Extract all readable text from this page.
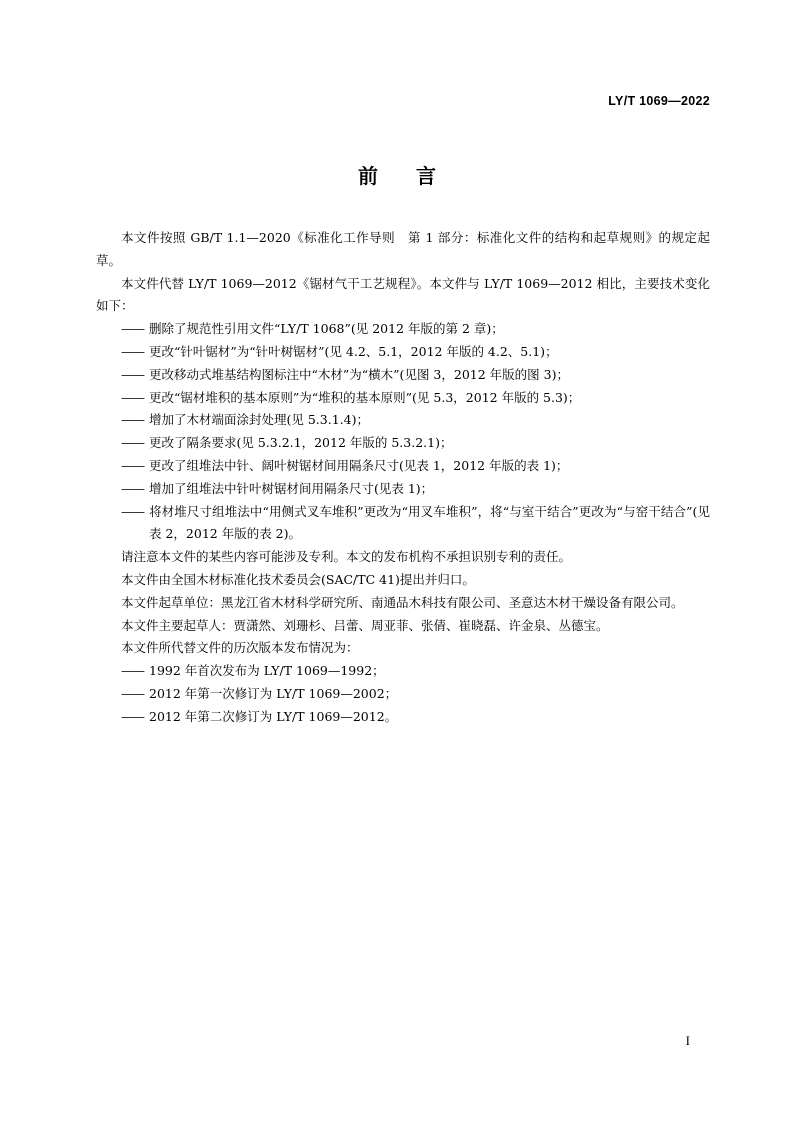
LY/T 1069—2022
前言

本文件按照 GB/T 1.1—2020《标准化工作导则　第 1 部分：标准化文件的结构和起草规则》的规定起草。

本文件代替 LY/T 1069—2012《锯材气干工艺规程》。本文件与 LY/T 1069—2012 相比，主要技术变化如下：

—— 删除了规范性引用文件“LY/T 1068”(见 2012 年版的第 2 章)；

—— 更改“针叶锯材”为“针叶树锯材”(见 4.2、5.1，2012 年版的 4.2、5.1)；

—— 更改移动式堆基结构图标注中“木材”为“横木”(见图 3，2012 年版的图 3)；

—— 更改“锯材堆积的基本原则”为“堆积的基本原则”(见 5.3，2012 年版的 5.3)；

—— 增加了木材端面涂封处理(见 5.3.1.4)；

—— 更改了隔条要求(见 5.3.2.1，2012 年版的 5.3.2.1)；

—— 更改了组堆法中针、阔叶树锯材间用隔条尺寸(见表 1，2012 年版的表 1)；

—— 增加了组堆法中针叶树锯材间用隔条尺寸(见表 1)；

—— 将材堆尺寸组堆法中“用侧式叉车堆积”更改为“用叉车堆积”，将“与室干结合”更改为“与窑干结合”(见表 2，2012 年版的表 2)。

请注意本文件的某些内容可能涉及专利。本文的发布机构不承担识别专利的责任。

本文件由全国木材标准化技术委员会(SAC/TC 41)提出并归口。

本文件起草单位：黑龙江省木材科学研究所、南通品木科技有限公司、圣意达木材干燥设备有限公司。

本文件主要起草人：贾潇然、刘珊杉、吕蕾、周亚菲、张倩、崔晓磊、许金泉、丛德宝。

本文件所代替文件的历次版本发布情况为：

—— 1992 年首次发布为 LY/T 1069—1992；

—— 2012 年第一次修订为 LY/T 1069—2002；

—— 2012 年第二次修订为 LY/T 1069—2012。

I
